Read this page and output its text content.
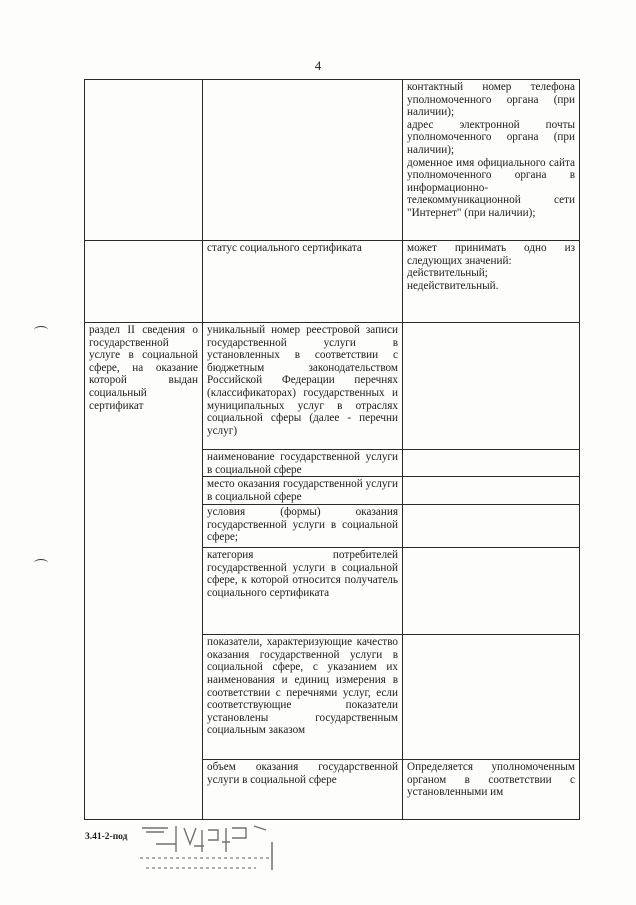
4
		контактный номер телефона уполномоченного органа (при наличии);
адрес электронной почты уполномоченного органа (при наличии);
доменное имя официального сайта уполномоченного органа в информационно-телекоммуникационной сети "Интернет" (при наличии);
	статус социального сертификата	может принимать одно из следующих значений:
действительный;
недействительный.
раздел II сведения о государственной услуге в социальной сфере, на оказание которой выдан социальный сертификат	уникальный номер реестровой записи государственной услуги в установленных в соответствии с бюджетным законодательством Российской Федерации перечнях (классификаторах) государственных и муниципальных услуг в отраслях социальной сферы (далее - перечни услуг)	
	наименование государственной услуги в социальной сфере	
	место оказания государственной услуги в социальной сфере	
	условия (формы) оказания государственной услуги в социальной сфере;	
	категория потребителей государственной услуги в социальной сфере, к которой относится получатель социального сертификата	
	показатели, характеризующие качество оказания государственной услуги в социальной сфере, с указанием их наименования и единиц измерения в соответствии с перечнями услуг, если соответствующие показатели установлены государственным социальным заказом	
	объем оказания государственной услуги в социальной сфере	Определяется уполномоченным органом в соответствии с установленными им
3.41-2-под
